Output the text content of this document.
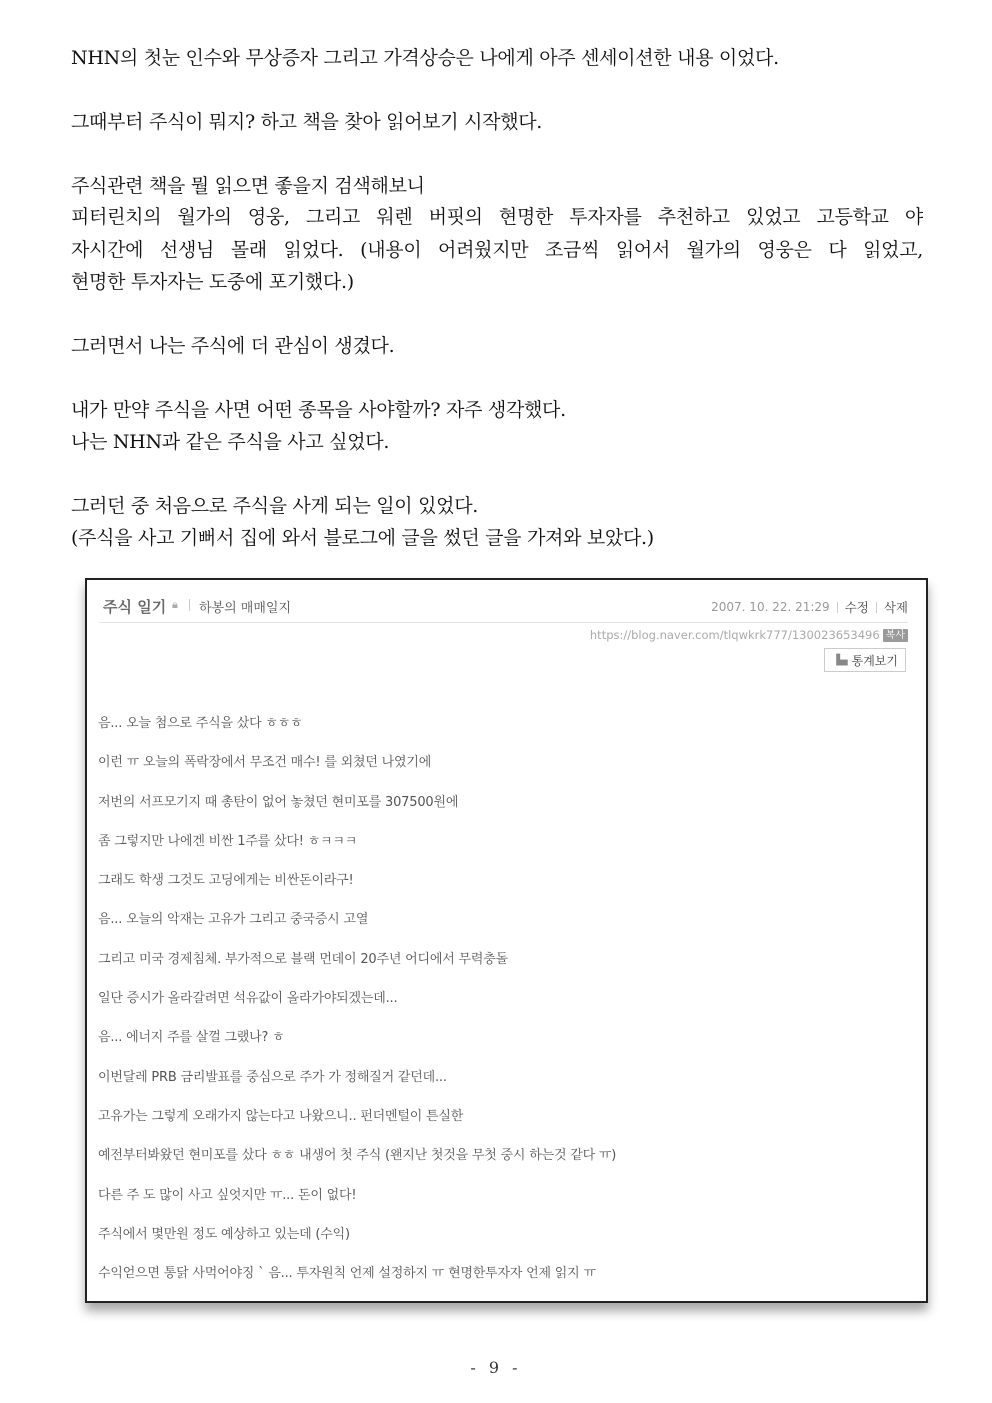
NHN의 첫눈 인수와 무상증자 그리고 가격상승은 나에게 아주 센세이션한 내용 이었다.
그때부터 주식이 뭐지? 하고 책을 찾아 읽어보기 시작했다.
주식관련 책을 뭘 읽으면 좋을지 검색해보니
피터린치의 월가의 영웅, 그리고 워렌 버핏의 현명한 투자자를 추천하고 있었고 고등학교 야
자시간에 선생님 몰래 읽었다. (내용이 어려웠지만 조금씩 읽어서 월가의 영웅은 다 읽었고,
현명한 투자자는 도중에 포기했다.)
그러면서 나는 주식에 더 관심이 생겼다.
내가 만약 주식을 사면 어떤 종목을 사야할까? 자주 생각했다.
나는 NHN과 같은 주식을 사고 싶었다.
그러던 중 처음으로 주식을 사게 되는 일이 있었다.
(주식을 사고 기뻐서 집에 와서 블로그에 글을 썼던 글을 가져와 보았다.)
주식 일기 🔒︎ 하봉의 매매일지	2007. 10. 22. 21:29 수정 삭제
https://blog.naver.com/tlqwkrk777/130023653496 복사
▐▄ 통계보기
음... 오늘 첨으로 주식을 샀다 ㅎㅎㅎ
이런 ㅠ 오늘의 폭락장에서 무조건 매수! 를 외쳤던 나였기에
저번의 서프모기지 때 총탄이 없어 놓쳤던 현미포를 307500원에
좀 그렇지만 나에겐 비싼 1주를 샀다! ㅎㅋㅋㅋ
그래도 학생 그것도 고딩에게는 비싼돈이라구!
음... 오늘의 악재는 고유가 그리고 중국증시 고열
그리고 미국 경제침체. 부가적으로 블랙 먼데이 20주년 어디에서 무력충돌
일단 증시가 올라갈려면 석유값이 올라가야되겠는데...
음... 에너지 주를 살껄 그랬나? ㅎ
이번달레 PRB 금리발표를 중심으로 주가 가 정해질거 같던데...
고유가는 그렇게 오래가지 않는다고 나왔으니.. 펀더멘털이 튼실한
예전부터봐왔던 현미포를 샀다 ㅎㅎ 내생어 첫 주식 (왠지난 첫것을 무첫 중시 하는것 같다 ㅠ)
다른 주 도 많이 사고 싶엇지만 ㅠ... 돈이 없다!
주식에서 몇만원 정도 예상하고 있는데 (수익)
수익얻으면 통닭 사먹어야징 ` 음... 투자원칙 언제 설정하지 ㅠ 현명한투자자 언제 읽지 ㅠ
- 9 -
